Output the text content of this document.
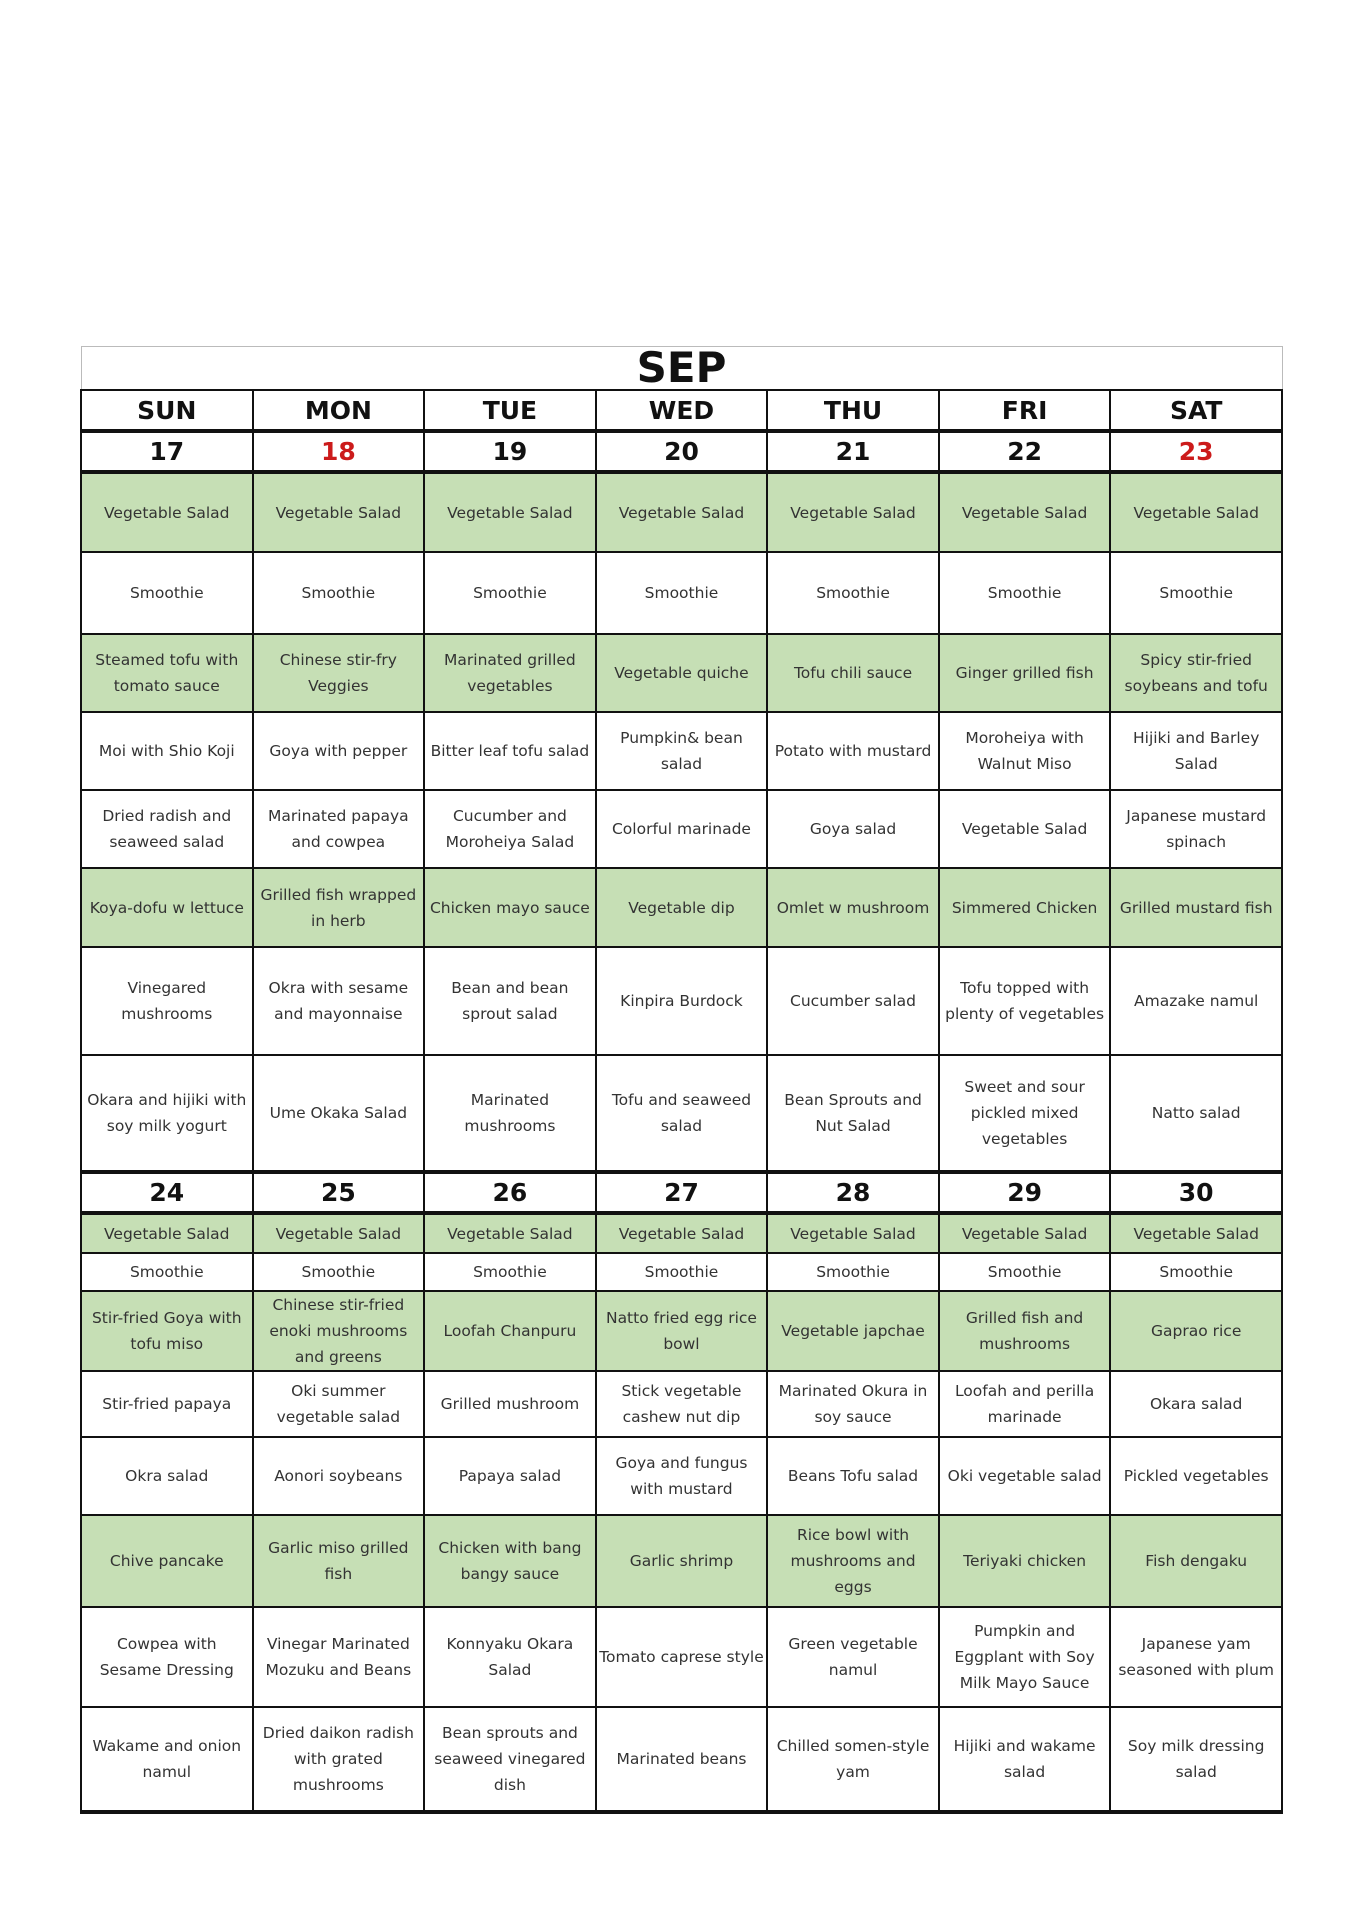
SEP						
SUN	MON	TUE	WED	THU	FRI	SAT
17	18	19	20	21	22	23
Vegetable Salad	Vegetable Salad	Vegetable Salad	Vegetable Salad	Vegetable Salad	Vegetable Salad	Vegetable Salad
Smoothie	Smoothie	Smoothie	Smoothie	Smoothie	Smoothie	Smoothie
Steamed tofu with tomato sauce	Chinese stir-fry Veggies	Marinated grilled vegetables	Vegetable quiche	Tofu chili sauce	Ginger grilled fish	Spicy stir-fried soybeans and tofu
Moi with Shio Koji	Goya with pepper	Bitter leaf tofu salad	Pumpkin& bean salad	Potato with mustard	Moroheiya with Walnut Miso	Hijiki and Barley Salad
Dried radish and seaweed salad	Marinated papaya and cowpea	Cucumber and Moroheiya Salad	Colorful marinade	Goya salad	Vegetable Salad	Japanese mustard spinach
Koya-dofu w lettuce	Grilled fish wrapped in herb	Chicken mayo sauce	Vegetable dip	Omlet w mushroom	Simmered Chicken	Grilled mustard fish
Vinegared mushrooms	Okra with sesame and mayonnaise	Bean and bean sprout salad	Kinpira Burdock	Cucumber salad	Tofu topped with plenty of vegetables	Amazake namul
Okara and hijiki with soy milk yogurt	Ume Okaka Salad	Marinated mushrooms	Tofu and seaweed salad	Bean Sprouts and Nut Salad	Sweet and sour pickled mixed vegetables	Natto salad
24	25	26	27	28	29	30
Vegetable Salad	Vegetable Salad	Vegetable Salad	Vegetable Salad	Vegetable Salad	Vegetable Salad	Vegetable Salad
Smoothie	Smoothie	Smoothie	Smoothie	Smoothie	Smoothie	Smoothie
Stir-fried Goya with tofu miso	Chinese stir-fried enoki mushrooms and greens	Loofah Chanpuru	Natto fried egg rice bowl	Vegetable japchae	Grilled fish and mushrooms	Gaprao rice
Stir-fried papaya	Oki summer vegetable salad	Grilled mushroom	Stick vegetable cashew nut dip	Marinated Okura in soy sauce	Loofah and perilla marinade	Okara salad
Okra salad	Aonori soybeans	Papaya salad	Goya and fungus with mustard	Beans Tofu salad	Oki vegetable salad	Pickled vegetables
Chive pancake	Garlic miso grilled fish	Chicken with bang bangy sauce	Garlic shrimp	Rice bowl with mushrooms and eggs	Teriyaki chicken	Fish dengaku
Cowpea with Sesame Dressing	Vinegar Marinated Mozuku and Beans	Konnyaku Okara Salad	Tomato caprese style	Green vegetable namul	Pumpkin and Eggplant with Soy Milk Mayo Sauce	Japanese yam seasoned with plum
Wakame and onion namul	Dried daikon radish with grated mushrooms	Bean sprouts and seaweed vinegared dish	Marinated beans	Chilled somen-style yam	Hijiki and wakame salad	Soy milk dressing salad
